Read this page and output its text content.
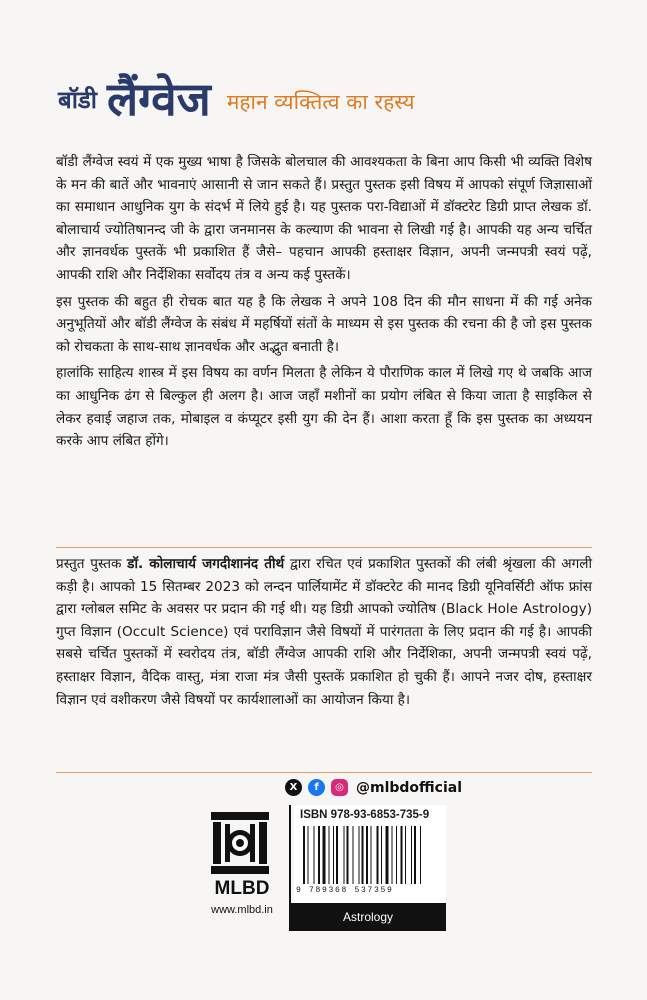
बॉडी लैंग्वेज महान व्यक्तित्व का रहस्य

बॉडी लैंग्वेज स्वयं में एक मुख्य भाषा है जिसके बोलचाल की आवश्यकता के बिना आप किसी भी व्यक्ति विशेष के मन की बातें और भावनाएं आसानी से जान सकते हैं। प्रस्तुत पुस्तक इसी विषय में आपको संपूर्ण जिज्ञासाओं का समाधान आधुनिक युग के संदर्भ में लिये हुई है। यह पुस्तक परा-विद्याओं में डॉक्टरेट डिग्री प्राप्त लेखक डॉ. बोलाचार्य ज्योतिषानन्द जी के द्वारा जनमानस के कल्याण की भावना से लिखी गई है। आपकी यह अन्य चर्चित और ज्ञानवर्धक पुस्तकें भी प्रकाशित हैं जैसे– पहचान आपकी हस्ताक्षर विज्ञान, अपनी जन्मपत्री स्वयं पढ़ें, आपकी राशि और निर्देशिका सर्वोदय तंत्र व अन्य कई पुस्तकें।

इस पुस्तक की बहुत ही रोचक बात यह है कि लेखक ने अपने 108 दिन की मौन साधना में की गई अनेक अनुभूतियों और बॉडी लैंग्वेज के संबंध में महर्षियों संतों के माध्यम से इस पुस्तक की रचना की है जो इस पुस्तक को रोचकता के साथ-साथ ज्ञानवर्धक और अद्भुत बनाती है।

हालांकि साहित्य शास्त्र में इस विषय का वर्णन मिलता है लेकिन ये पौराणिक काल में लिखे गए थे जबकि आज का आधुनिक ढंग से बिल्कुल ही अलग है। आज जहाँ मशीनों का प्रयोग लंबित से किया जाता है साइकिल से लेकर हवाई जहाज तक, मोबाइल व कंप्यूटर इसी युग की देन हैं। आशा करता हूँ कि इस पुस्तक का अध्ययन करके आप लंबित होंगे।

प्रस्तुत पुस्तक डॉ. कोलाचार्य जगदीशानंद तीर्थ द्वारा रचित एवं प्रकाशित पुस्तकों की लंबी श्रृंखला की अगली कड़ी है। आपको 15 सितम्बर 2023 को लन्दन पार्लियामेंट में डॉक्टरेट की मानद डिग्री यूनिवर्सिटी ऑफ फ्रांस द्वारा ग्लोबल समिट के अवसर पर प्रदान की गई थी। यह डिग्री आपको ज्योतिष (Black Hole Astrology) गुप्त विज्ञान (Occult Science) एवं पराविज्ञान जैसे विषयों में पारंगतता के लिए प्रदान की गई है। आपकी सबसे चर्चित पुस्तकों में स्वरोदय तंत्र, बॉडी लैंग्वेज आपकी राशि और निर्देशिका, अपनी जन्मपत्री स्वयं पढ़ें, हस्ताक्षर विज्ञान, वैदिक वास्तु, मंत्रा राजा मंत्र जैसी पुस्तकें प्रकाशित हो चुकी हैं। आपने नजर दोष, हस्ताक्षर विज्ञान एवं वशीकरण जैसे विषयों पर कार्यशालाओं का आयोजन किया है।

X	f	◎ @mlbdofficial
MLBD
www.mlbd.in
ISBN 978-93-6853-735-9
9 789368 537359
Astrology
